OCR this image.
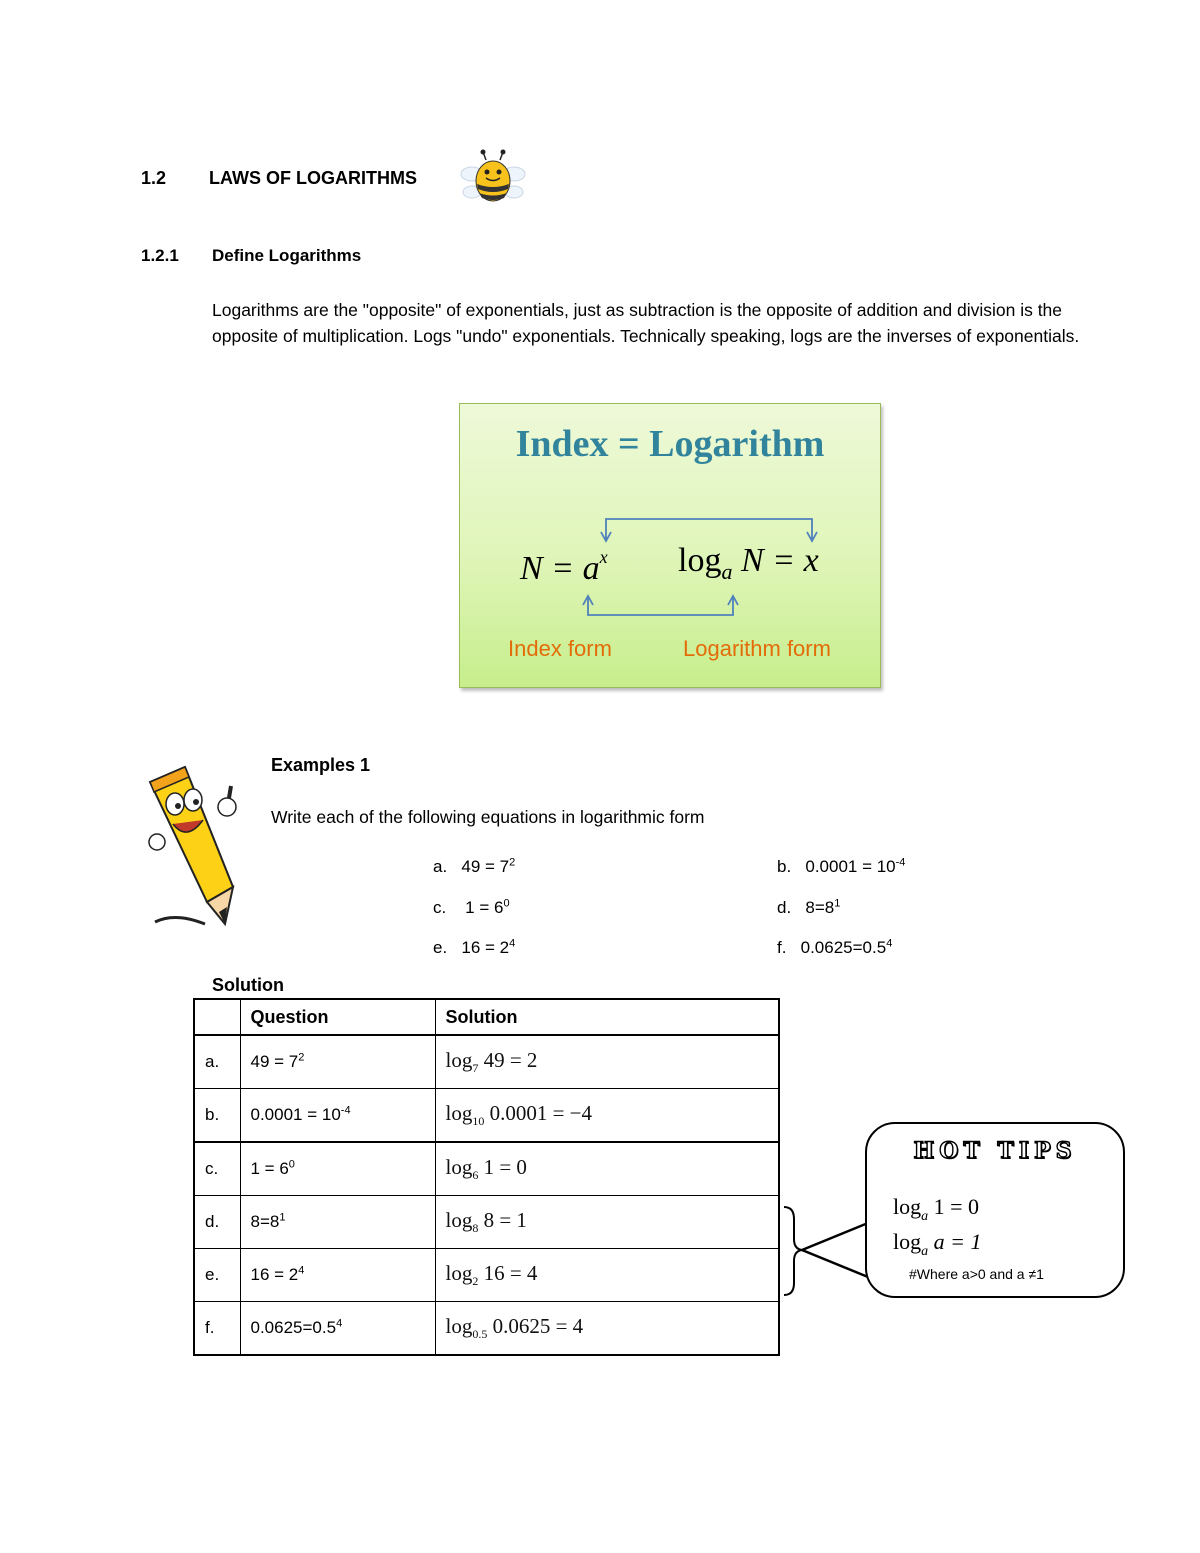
1.2 LAWS OF LOGARITHMS
1.2.1 Define Logarithms
Logarithms are the "opposite" of exponentials, just as subtraction is the opposite of addition and division is the opposite of multiplication. Logs "undo" exponentials. Technically speaking, logs are the inverses of exponentials.
Index = Logarithm
$N = a^x$ $\log_a N = x$
Index form	Logarithm form
Examples 1
Write each of the following equations in logarithmic form
a. $49 = 7^2$	b. $0.0001 = 10^{-4}$
c. $1 = 6^0$	d. $8=8^1$
e. $16 = 2^4$	f. $0.0625=0.5^4$
Solution
	Question	Solution
a.	$49 = 7^2$	$\log_7 49 = 2$
b.	$0.0001 = 10^{-4}$	$\log_{10} 0.0001 = -4$
c.	$1 = 6^0$	$\log_6 1 = 0$
d.	$8=8^1$	$\log_8 8 = 1$
e.	$16 = 2^4$	$\log_2 16 = 4$
f.	$0.0625=0.5^4$	$\log_{0.5} 0.0625 = 4$
HOT TIPS
$\log_a 1 = 0$
$\log_a a = 1$
#Where a>0 and a ≠1
